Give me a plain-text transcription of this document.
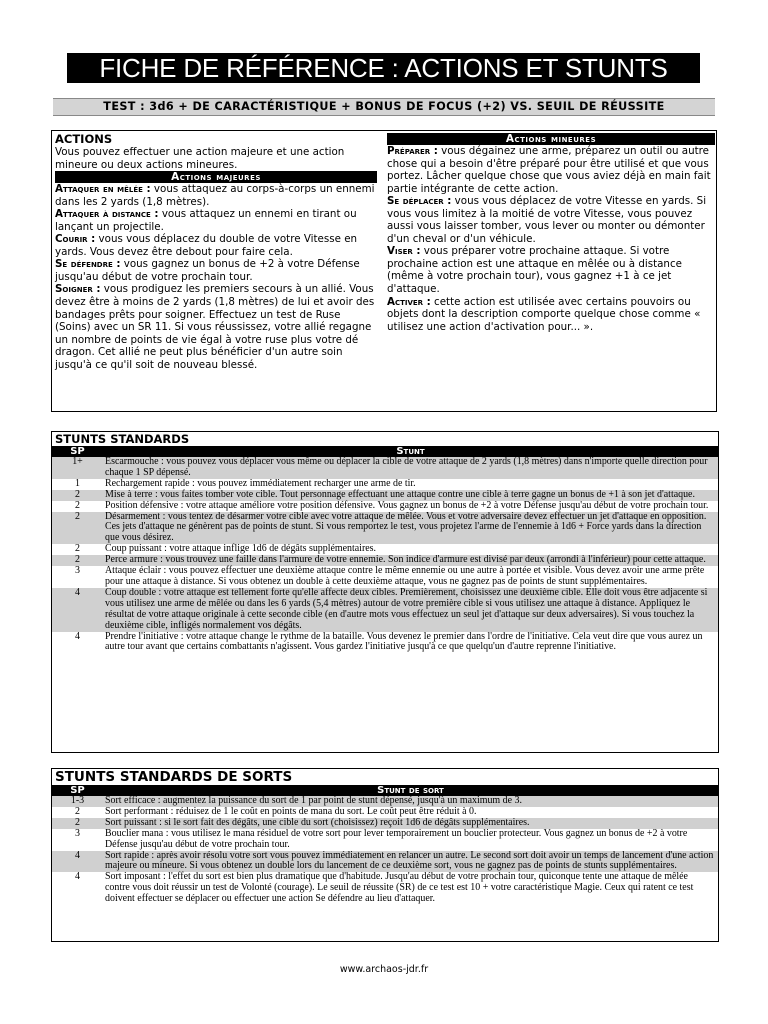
FICHE DE RÉFÉRENCE : ACTIONS ET STUNTS
TEST : 3d6 + DE CARACTÉRISTIQUE + BONUS DE FOCUS (+2) VS. SEUIL DE RÉUSSITE
ACTIONS

Vous pouvez effectuer une action majeure et une action mineure ou deux actions mineures.

Actions majeures

Attaquer en mêlée : vous attaquez au corps-à-corps un ennemi dans les 2 yards (1,8 mètres).

Attaquer à distance : vous attaquez un ennemi en tirant ou lançant un projectile.

Courir : vous vous déplacez du double de votre Vitesse en yards. Vous devez être debout pour faire cela.

Se défendre : vous gagnez un bonus de +2 à votre Défense jusqu'au début de votre prochain tour.

Soigner : vous prodiguez les premiers secours à un allié. Vous devez être à moins de 2 yards (1,8 mètres) de lui et avoir des bandages prêts pour soigner. Effectuez un test de Ruse (Soins) avec un SR 11. Si vous réussissez, votre allié regagne un nombre de points de vie égal à votre ruse plus votre dé dragon. Cet allié ne peut plus bénéficier d'un autre soin jusqu'à ce qu'il soit de nouveau blessé.

Actions mineures

Préparer : vous dégainez une arme, préparez un outil ou autre chose qui a besoin d'être préparé pour être utilisé et que vous portez. Lâcher quelque chose que vous aviez déjà en main fait partie intégrante de cette action.

Se déplacer : vous vous déplacez de votre Vitesse en yards. Si vous vous limitez à la moitié de votre Vitesse, vous pouvez aussi vous laisser tomber, vous lever ou monter ou démonter d'un cheval or d'un véhicule.

Viser : vous préparer votre prochaine attaque. Si votre prochaine action est une attaque en mêlée ou à distance (même à votre prochain tour), vous gagnez +1 à ce jet d'attaque.

Activer : cette action est utilisée avec certains pouvoirs ou objets dont la description comporte quelque chose comme « utilisez une action d'activation pour... ».

STUNTS STANDARDS
SP	Stunt
1+	Escarmouche : vous pouvez vous déplacer vous même ou déplacer la cible de votre attaque de 2 yards (1,8 mètres) dans n'importe quelle direction pour chaque 1 SP dépensé.
1	Rechargement rapide : vous pouvez immédiatement recharger une arme de tir.
2	Mise à terre : vous faites tomber vote cible. Tout personnage effectuant une attaque contre une cible à terre gagne un bonus de +1 à son jet d'attaque.
2	Position défensive : votre attaque améliore votre position défensive. Vous gagnez un bonus de +2 à votre Défense jusqu'au début de votre prochain tour.
2	Désarmement : vous tentez de désarmer votre cible avec votre attaque de mêlée. Vous et votre adversaire devez effectuer un jet d'attaque en opposition. Ces jets d'attaque ne génèrent pas de points de stunt. Si vous remportez le test, vous projetez l'arme de l'ennemie à 1d6 + Force yards dans la direction que vous désirez.
2	Coup puissant : votre attaque inflige 1d6 de dégâts supplémentaires.
2	Perce armure : vous trouvez une faille dans l'armure de votre ennemie. Son indice d'armure est divisé par deux (arrondi à l'inférieur) pour cette attaque.
3	Attaque éclair : vous pouvez effectuer une deuxième attaque contre le même ennemie ou une autre à portée et visible. Vous devez avoir une arme prête pour une attaque à distance. Si vous obtenez un double à cette deuxième attaque, vous ne gagnez pas de points de stunt supplémentaires.
4	Coup double : votre attaque est tellement forte qu'elle affecte deux cibles. Premièrement, choisissez une deuxième cible. Elle doit vous être adjacente si vous utilisez une arme de mêlée ou dans les 6 yards (5,4 mètres) autour de votre première cible si vous utilisez une attaque à distance. Appliquez le résultat de votre attaque originale à cette seconde cible (en d'autre mots vous effectuez un seul jet d'attaque sur deux adversaires). Si vous touchez la deuxième cible, infligés normalement vos dégâts.
4	Prendre l'initiative : votre attaque change le rythme de la bataille. Vous devenez le premier dans l'ordre de l'initiative. Cela veut dire que vous aurez un autre tour avant que certains combattants n'agissent. Vous gardez l'initiative jusqu'à ce que quelqu'un d'autre reprenne l'initiative.
STUNTS STANDARDS DE SORTS
SP	Stunt de sort
1-3	Sort efficace : augmentez la puissance du sort de 1 par point de stunt dépensé, jusqu'à un maximum de 3.
2	Sort performant : réduisez de 1 le coût en points de mana du sort. Le coût peut être réduit à 0.
2	Sort puissant : si le sort fait des dégâts, une cible du sort (choisissez) reçoit 1d6 de dégâts supplémentaires.
3	Bouclier mana : vous utilisez le mana résiduel de votre sort pour lever temporairement un bouclier protecteur. Vous gagnez un bonus de +2 à votre Défense jusqu'au début de votre prochain tour.
4	Sort rapide : après avoir résolu votre sort vous pouvez immédiatement en relancer un autre. Le second sort doit avoir un temps de lancement d'une action majeure ou mineure. Si vous obtenez un double lors du lancement de ce deuxième sort, vous ne gagnez pas de points de stunts supplémentaires.
4	Sort imposant : l'effet du sort est bien plus dramatique que d'habitude. Jusqu'au début de votre prochain tour, quiconque tente une attaque de mêlée contre vous doit réussir un test de Volonté (courage). Le seuil de réussite (SR) de ce test est 10 + votre caractéristique Magie. Ceux qui ratent ce test doivent effectuer se déplacer ou effectuer une action Se défendre au lieu d'attaquer.
www.archaos-jdr.fr
